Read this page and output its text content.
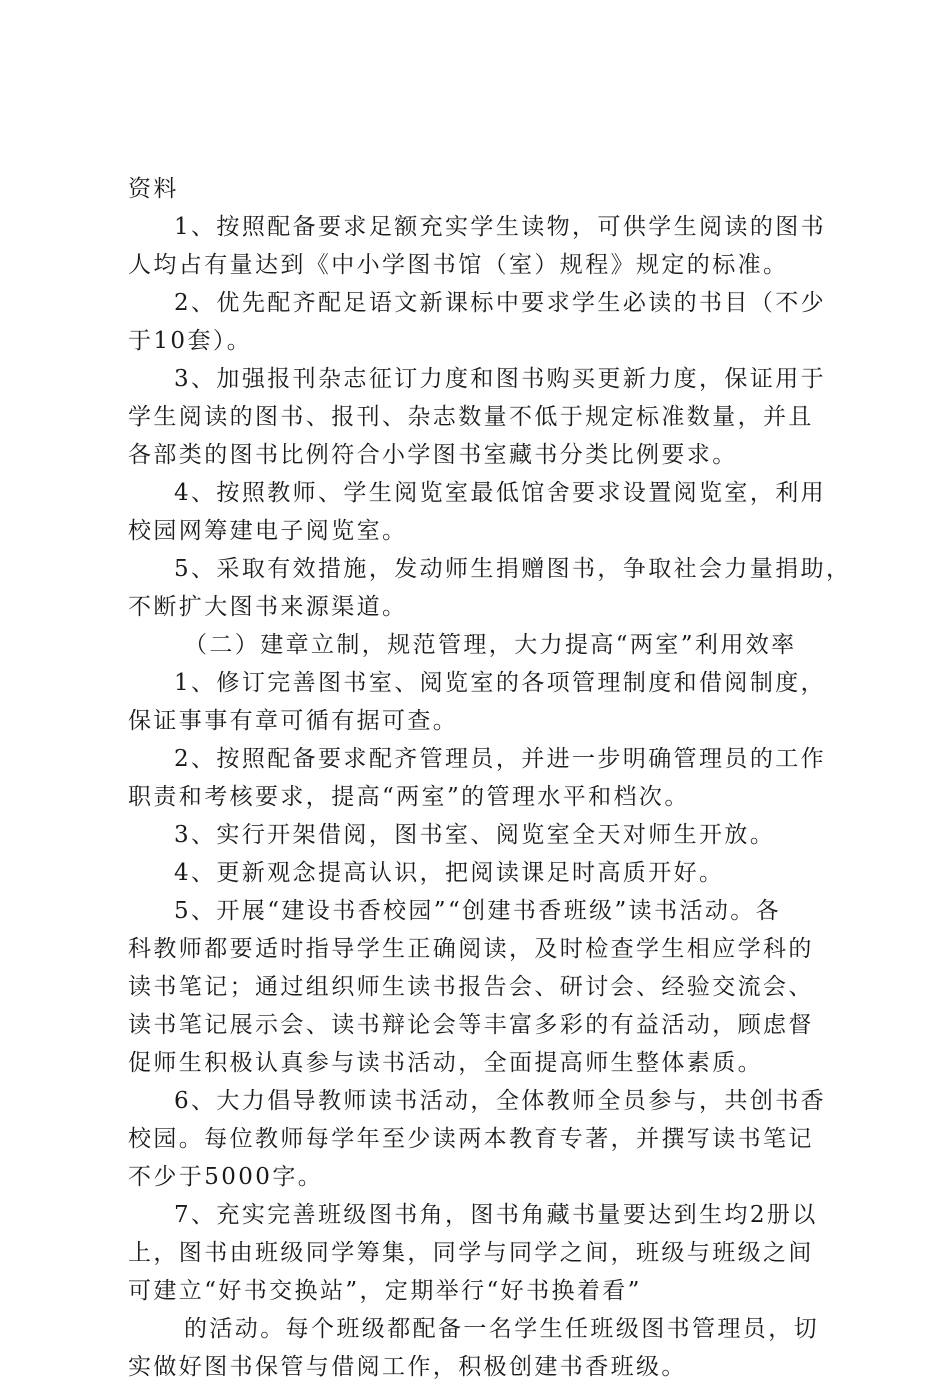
资料
1、按照配备要求足额充实学生读物，可供学生阅读的图书
人均占有量达到《中小学图书馆（室）规程》规定的标准。
2、优先配齐配足语文新课标中要求学生必读的书目（不少
于10套）。
3、加强报刊杂志征订力度和图书购买更新力度，保证用于
学生阅读的图书、报刊、杂志数量不低于规定标准数量，并且
各部类的图书比例符合小学图书室藏书分类比例要求。
4、按照教师、学生阅览室最低馆舍要求设置阅览室，利用
校园网筹建电子阅览室。
5、采取有效措施，发动师生捐赠图书，争取社会力量捐助，
不断扩大图书来源渠道。
（二）建章立制，规范管理，大力提高“两室”利用效率
1、修订完善图书室、阅览室的各项管理制度和借阅制度，
保证事事有章可循有据可查。
2、按照配备要求配齐管理员，并进一步明确管理员的工作
职责和考核要求，提高“两室”的管理水平和档次。
3、实行开架借阅，图书室、阅览室全天对师生开放。
4、更新观念提高认识，把阅读课足时高质开好。
5、开展“建设书香校园”“创建书香班级”读书活动。各
科教师都要适时指导学生正确阅读，及时检查学生相应学科的
读书笔记；通过组织师生读书报告会、研讨会、经验交流会、
读书笔记展示会、读书辩论会等丰富多彩的有益活动，顾虑督
促师生积极认真参与读书活动，全面提高师生整体素质。
6、大力倡导教师读书活动，全体教师全员参与，共创书香
校园。每位教师每学年至少读两本教育专著，并撰写读书笔记
不少于5000字。
7、充实完善班级图书角，图书角藏书量要达到生均2册以
上，图书由班级同学筹集，同学与同学之间，班级与班级之间
可建立“好书交换站”，定期举行“好书换着看”
的活动。每个班级都配备一名学生任班级图书管理员，切
实做好图书保管与借阅工作，积极创建书香班级。
